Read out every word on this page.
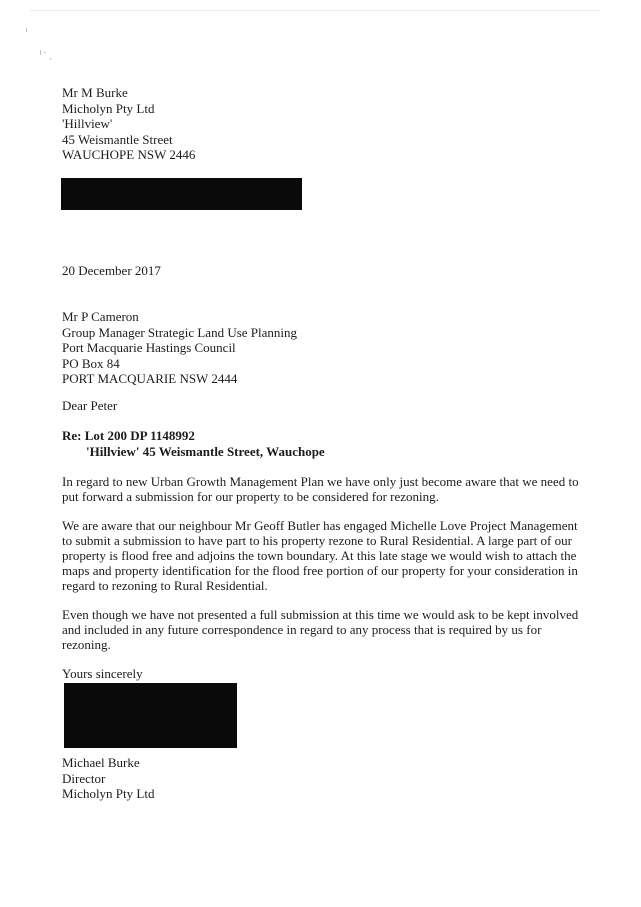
Mr M Burke
Micholyn Pty Ltd
'Hillview'
45 Weismantle Street
WAUCHOPE NSW 2446
20 December 2017
Mr P Cameron
Group Manager Strategic Land Use Planning
Port Macquarie Hastings Council
PO Box 84
PORT MACQUARIE NSW 2444
Dear Peter
Re: Lot 200 DP 1148992
'Hillview' 45 Weismantle Street, Wauchope
In regard to new Urban Growth Management Plan we have only just become aware that we need to
put forward a submission for our property to be considered for rezoning.
We are aware that our neighbour Mr Geoff Butler has engaged Michelle Love Project Management
to submit a submission to have part to his property rezone to Rural Residential. A large part of our
property is flood free and adjoins the town boundary. At this late stage we would wish to attach the
maps and property identification for the flood free portion of our property for your consideration in
regard to rezoning to Rural Residential.
Even though we have not presented a full submission at this time we would ask to be kept involved
and included in any future correspondence in regard to any process that is required by us for
rezoning.
Yours sincerely
Michael Burke
Director
Micholyn Pty Ltd
